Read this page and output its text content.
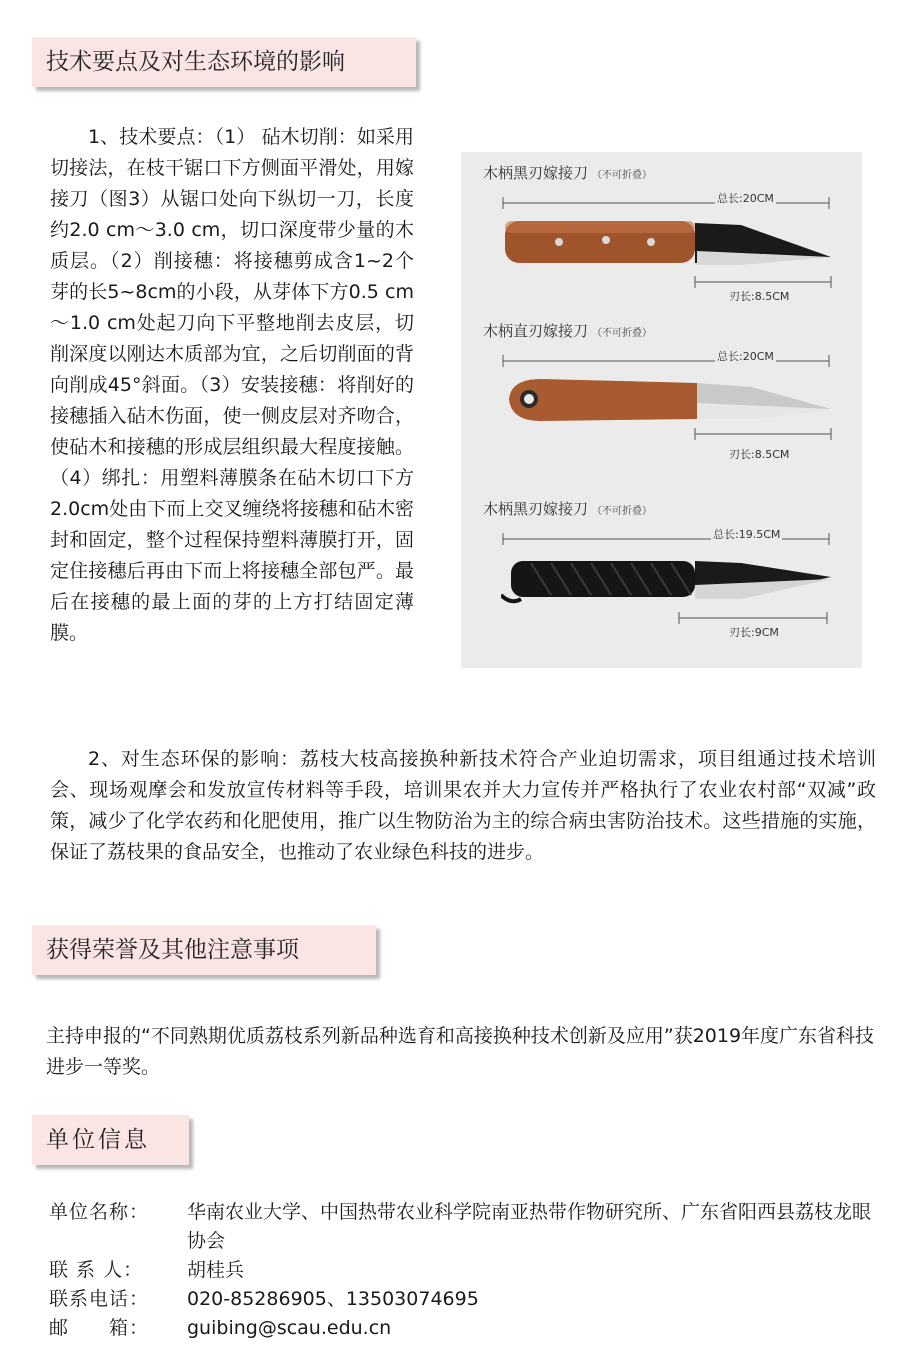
技术要点及对生态环境的影响

1、技术要点：（1） 砧木切削：如采用切接法，在枝干锯口下方侧面平滑处，用嫁接刀（图3）从锯口处向下纵切一刀，长度约2.0 cm～3.0 cm，切口深度带少量的木质层。（2）削接穗：将接穗剪成含1~2个芽的长5~8cm的小段，从芽体下方0.5 cm～1.0 cm处起刀向下平整地削去皮层，切削深度以刚达木质部为宜，之后切削面的背向削成45°斜面。（3）安装接穗：将削好的接穗插入砧木伤面，使一侧皮层对齐吻合，使砧木和接穗的形成层组织最大程度接触。（4）绑扎：用塑料薄膜条在砧木切口下方2.0cm处由下而上交叉缠绕将接穗和砧木密封和固定，整个过程保持塑料薄膜打开，固定住接穗后再由下而上将接穗全部包严。最后在接穗的最上面的芽的上方打结固定薄膜。

木柄黑刃嫁接刀 （不可折叠）
总长:20CM
刃长:8.5CM
木柄直刃嫁接刀 （不可折叠）
总长:20CM
刃长:8.5CM
木柄黑刃嫁接刀 （不可折叠）
总长:19.5CM
刃长:9CM

2、对生态环保的影响：荔枝大枝高接换种新技术符合产业迫切需求，项目组通过技术培训会、现场观摩会和发放宣传材料等手段，培训果农并大力宣传并严格执行了农业农村部“双减”政策，减少了化学农药和化肥使用，推广以生物防治为主的综合病虫害防治技术。这些措施的实施，保证了荔枝果的食品安全，也推动了农业绿色科技的进步。

获得荣誉及其他注意事项

主持申报的“不同熟期优质荔枝系列新品种选育和高接换种技术创新及应用”获2019年度广东省科技进步一等奖。

单位信息
单位名称：	华南农业大学、中国热带农业科学院南亚热带作物研究所、广东省阳西县荔枝龙眼协会
联 系 人：	胡桂兵
联系电话：	020-85286905、13503074695
邮　　箱：	guibing@scau.edu.cn
